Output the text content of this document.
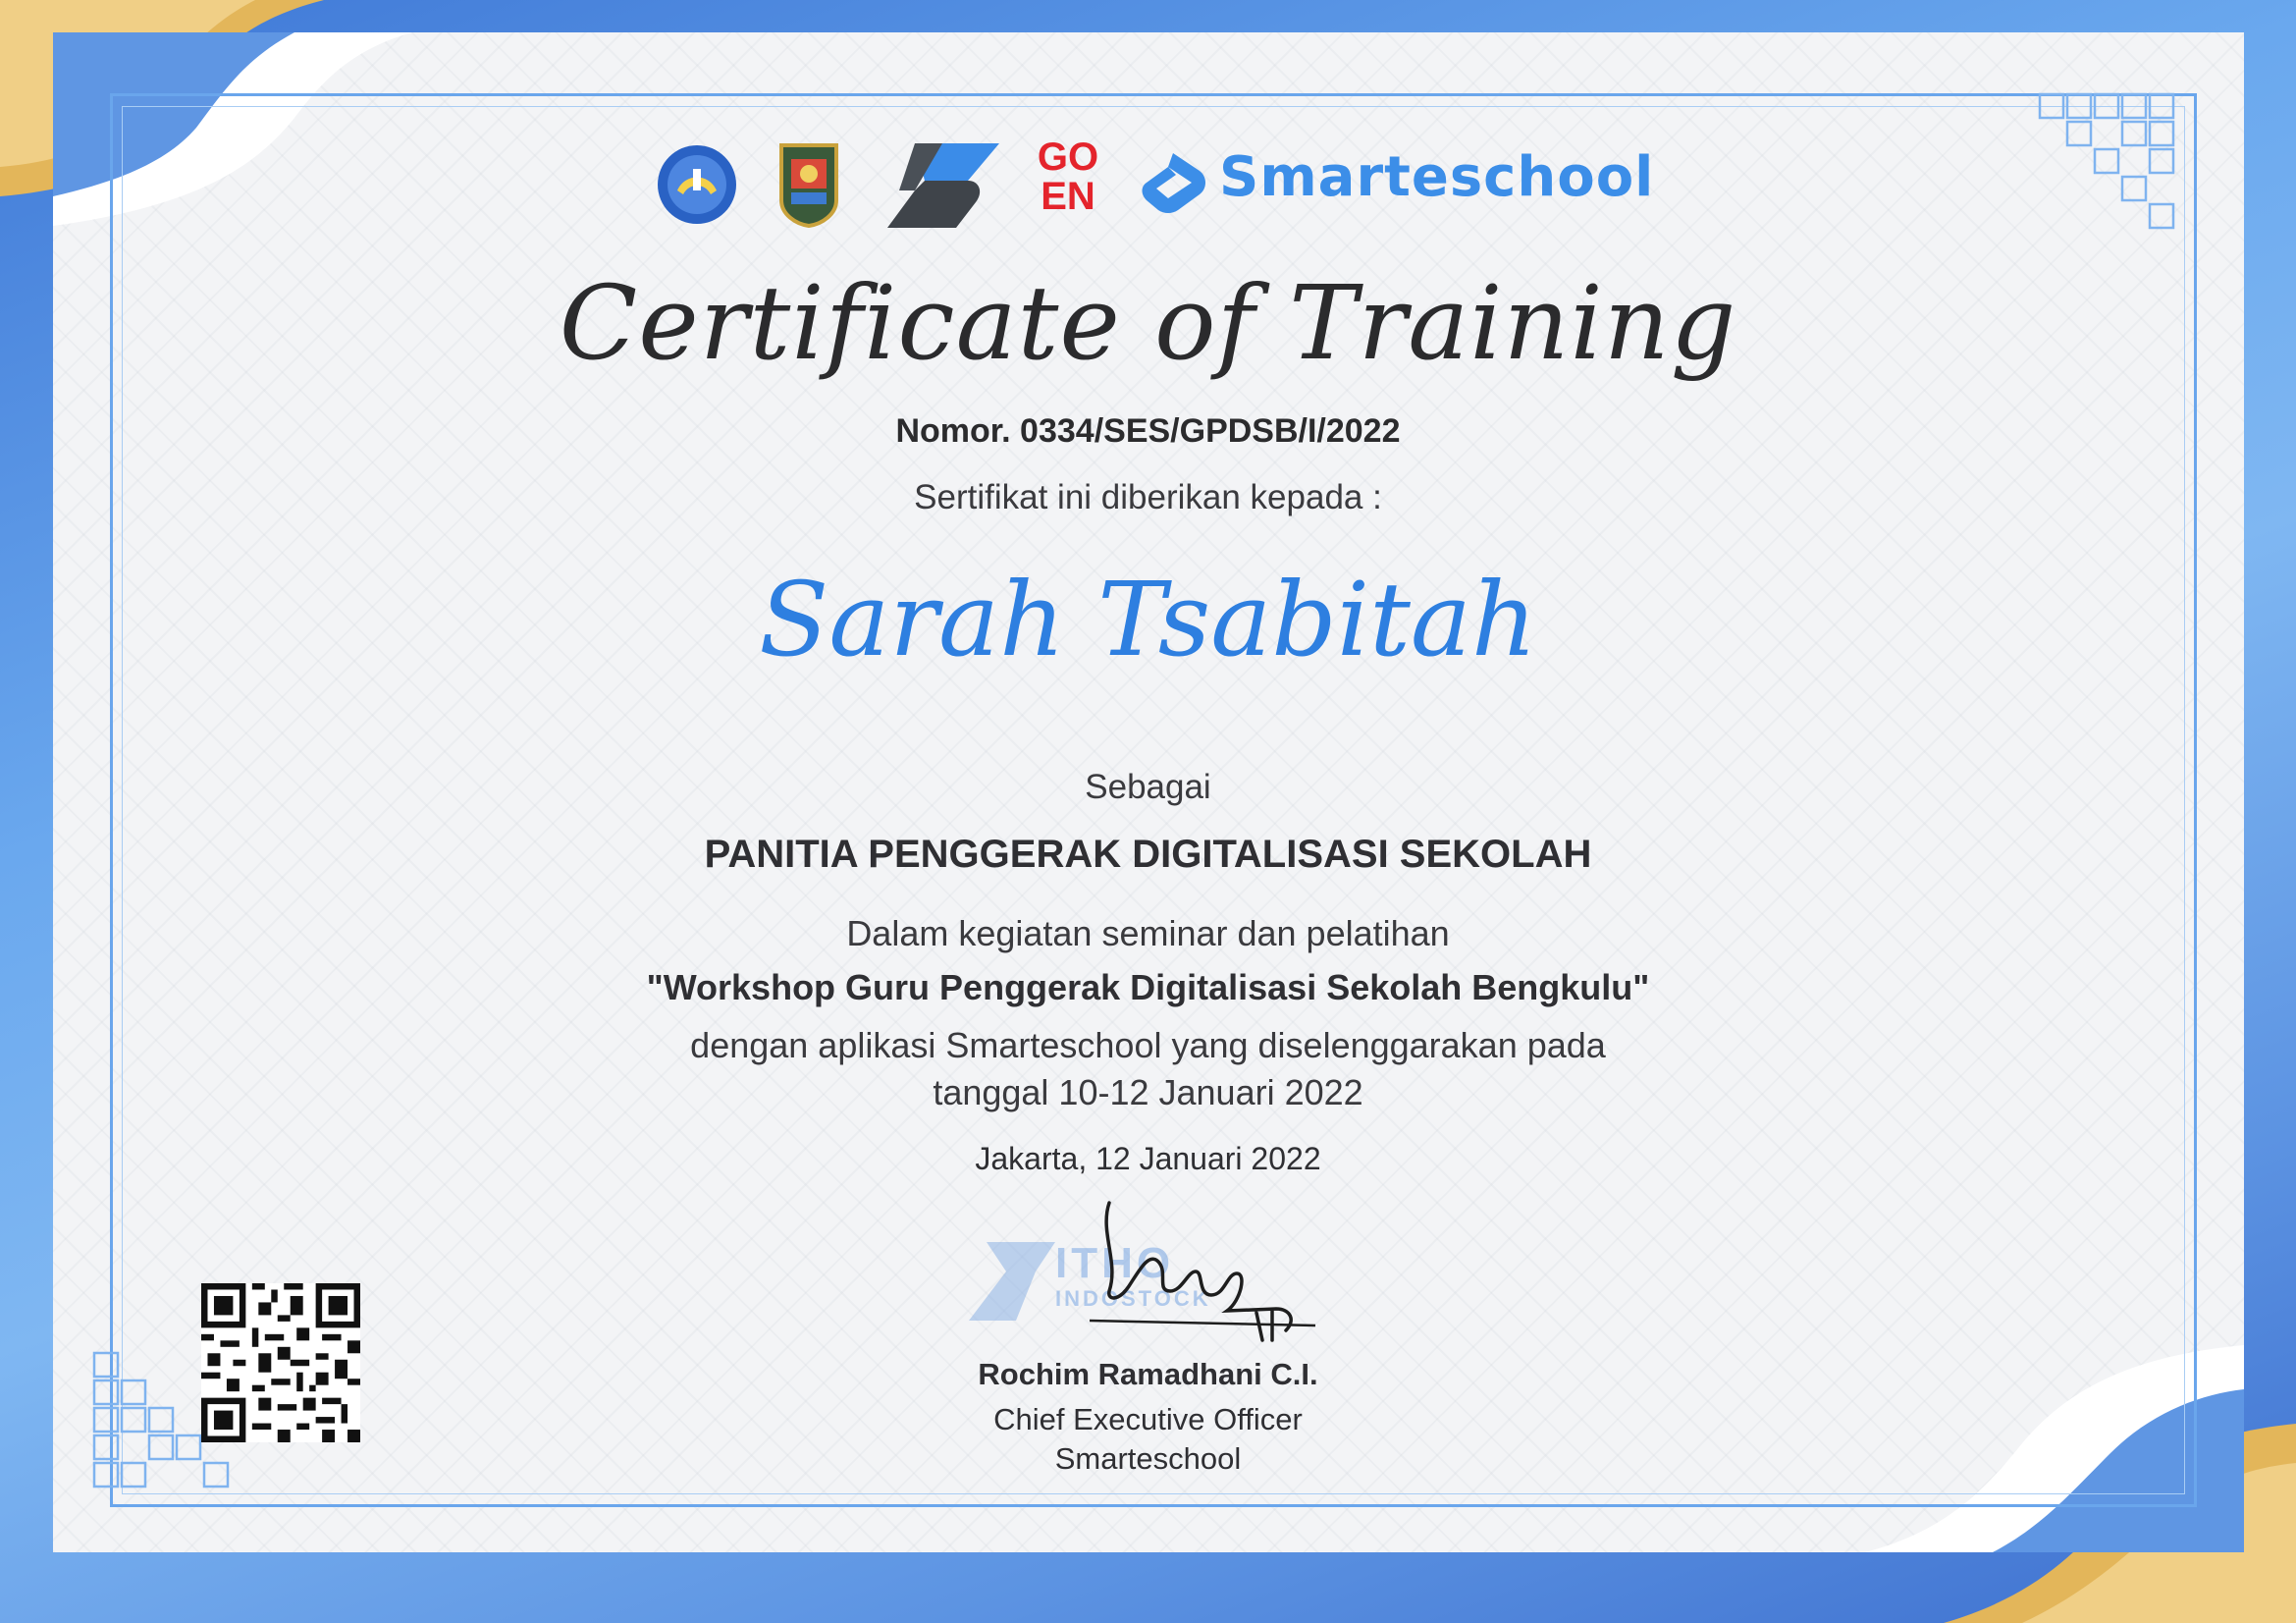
GO EN Smarteschool
Certificate of Training
Nomor. 0334/SES/GPDSB/I/2022
Sertifikat ini diberikan kepada :
Sarah Tsabitah
Sebagai
PANITIA PENGGERAK DIGITALISASI SEKOLAH
Dalam kegiatan seminar dan pelatihan
"Workshop Guru Penggerak Digitalisasi Sekolah Bengkulu"
dengan aplikasi Smarteschool yang diselenggarakan pada
tanggal 10-12 Januari 2022
Jakarta, 12 Januari 2022
ITHO
INDOSTOCK
Rochim Ramadhani C.I.
Chief Executive Officer
Smarteschool
